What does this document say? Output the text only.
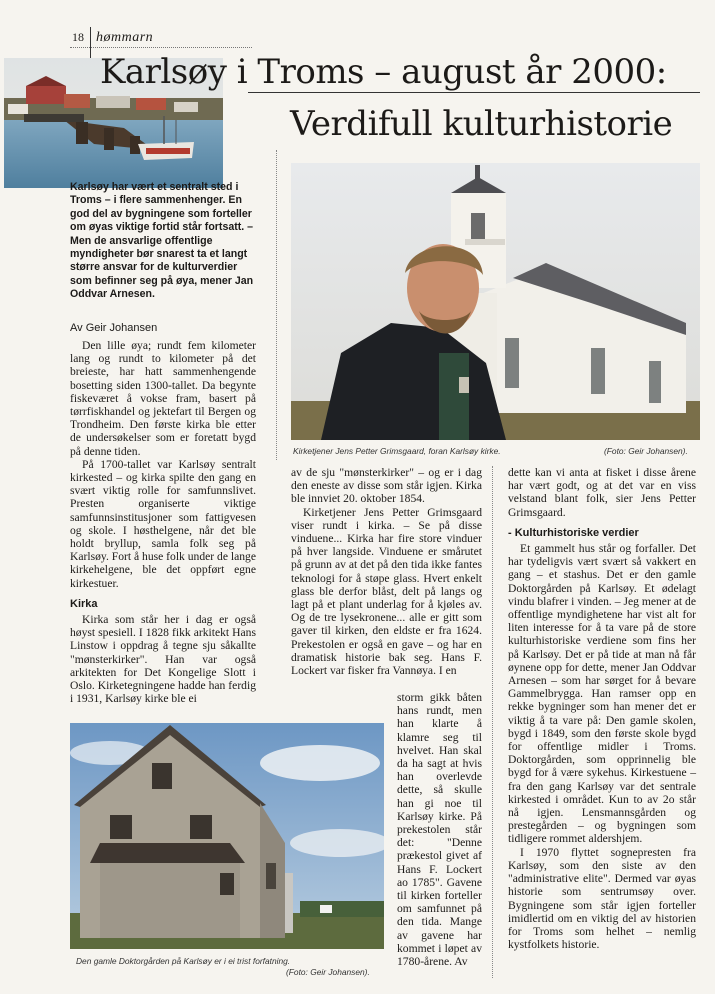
18 hømmarn
Karlsøy i Troms – august år 2000:
Verdifull kulturhistorie
Karlsøy har vært et sentralt sted i Troms – i flere sammenhenger. En god del av bygningene som forteller om øyas viktige fortid står fortsatt. – Men de ansvarlige offentlige myndigheter bør snarest ta et langt større ansvar for de kulturverdier som befinner seg på øya, mener Jan Oddvar Arnesen.
Av Geir Johansen

Den lille øya; rundt fem kilometer lang og rundt to kilometer på det breieste, har hatt sammenhengende bosetting siden 1300-tallet. Da begynte fiskeværet å vokse fram, basert på tørrfiskhandel og jektefart til Bergen og Trondheim. Den første kirka ble etter de undersøkelser som er foretatt bygd på denne tiden.

På 1700-tallet var Karlsøy sentralt kirkested – og kirka spilte den gang en svært viktig rolle for samfunnslivet. Presten organiserte viktige samfunnsinstitusjoner som fattigvesen og skole. I høsthelgene, når det ble holdt bryllup, samla folk seg på Karlsøy. Fort å huse folk under de lange kirkehelgene, ble det oppført egne kirkestuer.

Kirka

Kirka som står her i dag er også høyst spesiell. I 1828 fikk arkitekt Hans Linstow i oppdrag å tegne sju såkallte "mønsterkirker". Han var også arkitekten for Det Kongelige Slott i Oslo. Kirketegningene hadde han ferdig i 1931, Karlsøy kirke ble ei

Kirketjener Jens Petter Grimsgaard, foran Karlsøy kirke.	(Foto: Geir Johansen).

av de sju "mønsterkirker" – og er i dag den eneste av disse som står igjen. Kirka ble innviet 20. oktober 1854.

Kirketjener Jens Petter Grimsgaard viser rundt i kirka. – Se på disse vinduene... Kirka har fire store vinduer på hver langside. Vinduene er smårutet på grunn av at det på den tida ikke fantes teknologi for å støpe glass. Hvert enkelt glass ble derfor blåst, delt på langs og lagt på et plant underlag for å kjøles av. Og de tre lysekronene... alle er gitt som gaver til kirken, den eldste er fra 1624. Prekestolen er også en gave – og har en dramatisk historie bak seg. Hans F. Lockert var fisker fra Vannøya. I en

storm gikk båten hans rundt, men han klarte å klamre seg til hvelvet. Han skal da ha sagt at hvis han overlevde dette, så skulle han gi noe til Karlsøy kirke. På prekestolen står det: "Denne prækestol givet af Hans F. Lockert ao 1785". Gavene til kirken forteller om samfunnet på den tida. Mange av gavene har kommet i løpet av 1780-årene. Av

dette kan vi anta at fisket i disse årene har vært godt, og at det var en viss velstand blant folk, sier Jens Petter Grimsgaard.

- Kulturhistoriske verdier

Et gammelt hus står og forfaller. Det har tydeligvis vært svært så vakkert en gang – et stashus. Det er den gamle Doktorgården på Karlsøy. Et ødelagt vindu blafrer i vinden. – Jeg mener at de offentlige myndighetene har vist alt for liten interesse for å ta vare på de store kulturhistoriske verdiene som fins her på Karlsøy. Det er på tide at man nå får øynene opp for dette, mener Jan Oddvar Arnesen – som har sørget for å bevare Gammelbrygga. Han ramser opp en rekke bygninger som han mener det er viktig å ta vare på: Den gamle skolen, bygd i 1849, som den første skole bygd for offentlige midler i Troms. Doktorgården, som opprinnelig ble bygd for å være sykehus. Kirkestuene – fra den gang Karlsøy var det sentrale kirkested i området. Kun to av 2o står nå igjen. Lensmannsgården og prestegården – og bygningen som tidligere rommet aldershjem.

I 1970 flyttet sognepresten fra Karlsøy, som den siste av den "administrative elite". Dermed var øyas historie som sentrumsøy over. Bygningene som står igjen forteller imidlertid om en viktig del av historien for Troms som helhet – nemlig kystfolkets historie.

Den gamle Doktorgården på Karlsøy er i ei trist forfatning.
(Foto: Geir Johansen).
